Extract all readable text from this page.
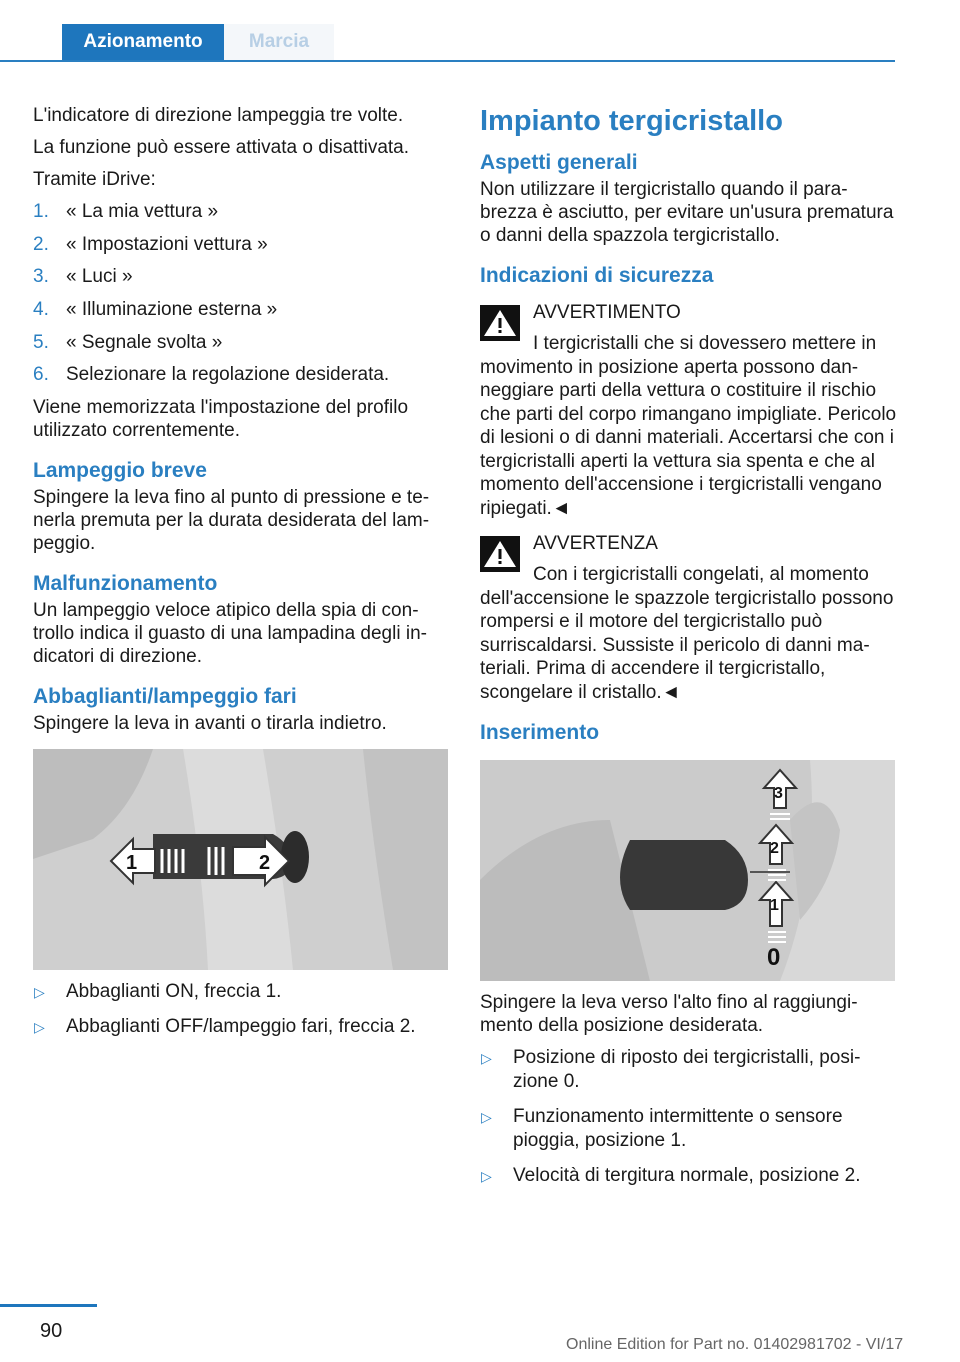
Azionamento	Marcia

L'indicatore di direzione lampeggia tre volte.

La funzione può essere attivata o disattivata.

Tramite iDrive:

1. « La mia vettura »
2. « Impostazioni vettura »
3. « Luci »
4. « Illuminazione esterna »
5. « Segnale svolta »
6. Selezionare la regolazione desiderata.

Viene memorizzata l'impostazione del profilo utilizzato correntemente.

Lampeggio breve

Spingere la leva fino al punto di pressione e tenerla premuta per la durata desiderata del lampeggio.

Malfunzionamento

Un lampeggio veloce atipico della spia di controllo indica il guasto di una lampadina degli indicatori di direzione.

Abbaglianti/lampeggio fari

Spingere la leva in avanti o tirarla indietro.

1	2
▷ Abbaglianti ON, freccia 1.
▷ Abbaglianti OFF/lampeggio fari, freccia 2.
Impianto tergicristallo
Aspetti generali

Non utilizzare il tergicristallo quando il parabrezza è asciutto, per evitare un'usura prematura o danni della spazzola tergicristallo.

Indicazioni di sicurezza
AVVERTIMENTO
I tergicristalli che si dovessero mettere in movimento in posizione aperta possono danneggiare parti della vettura o costituire il rischio che parti del corpo rimangano impigliate. Pericolo di lesioni o di danni materiali. Accertarsi che con i tergicristalli aperti la vettura sia spenta e che al momento dell'accensione i tergicristalli vengano ripiegati.◄
AVVERTENZA
Con i tergicristalli congelati, al momento dell'accensione le spazzole tergicristallo possono rompersi e il motore del tergicristallo può surriscaldarsi. Sussiste il pericolo di danni materiali. Prima di accendere il tergicristallo, scongelare il cristallo.◄
Inserimento
0
1
2
3

Spingere la leva verso l'alto fino al raggiungimento della posizione desiderata.

▷ Posizione di riposto dei tergicristalli, posizione 0.
▷ Funzionamento intermittente o sensore pioggia, posizione 1.
▷ Velocità di tergitura normale, posizione 2.
90
Online Edition for Part no. 01402981702 - VI/17
